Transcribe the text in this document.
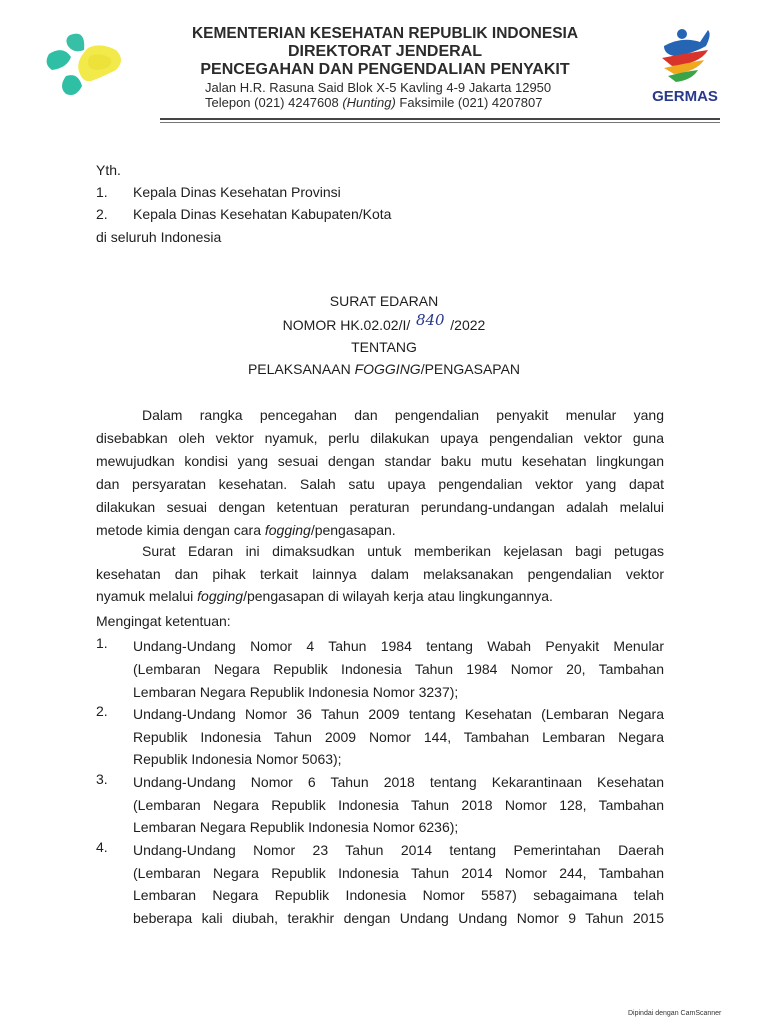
KEMENTERIAN KESEHATAN REPUBLIK INDONESIA
DIREKTORAT JENDERAL
PENCEGAHAN DAN PENGENDALIAN PENYAKIT
Jalan H.R. Rasuna Said Blok X-5 Kavling 4-9 Jakarta 12950
Telepon (021) 4247608 (Hunting) Faksimile (021) 4207807	GERMAS
Yth.
1. Kepala Dinas Kesehatan Provinsi
2. Kepala Dinas Kesehatan Kabupaten/Kota
di seluruh Indonesia
SURAT EDARAN
NOMOR HK.02.02/I/ 840 /2022
TENTANG
PELAKSANAAN FOGGING/PENGASAPAN
Dalam rangka pencegahan dan pengendalian penyakit menular yang
disebabkan oleh vektor nyamuk, perlu dilakukan upaya pengendalian vektor guna
mewujudkan kondisi yang sesuai dengan standar baku mutu kesehatan lingkungan
dan persyaratan kesehatan. Salah satu upaya pengendalian vektor yang dapat
dilakukan sesuai dengan ketentuan peraturan perundang-undangan adalah melalui
metode kimia dengan cara fogging/pengasapan.
Surat Edaran ini dimaksudkan untuk memberikan kejelasan bagi petugas
kesehatan dan pihak terkait lainnya dalam melaksanakan pengendalian vektor
nyamuk melalui fogging/pengasapan di wilayah kerja atau lingkungannya.
Mengingat ketentuan:
1. Undang-Undang Nomor 4 Tahun 1984 tentang Wabah Penyakit Menular
(Lembaran Negara Republik Indonesia Tahun 1984 Nomor 20, Tambahan
Lembaran Negara Republik Indonesia Nomor 3237);
2. Undang-Undang Nomor 36 Tahun 2009 tentang Kesehatan (Lembaran Negara
Republik Indonesia Tahun 2009 Nomor 144, Tambahan Lembaran Negara
Republik Indonesia Nomor 5063);
3. Undang-Undang Nomor 6 Tahun 2018 tentang Kekarantinaan Kesehatan
(Lembaran Negara Republik Indonesia Tahun 2018 Nomor 128, Tambahan
Lembaran Negara Republik Indonesia Nomor 6236);
4. Undang-Undang Nomor 23 Tahun 2014 tentang Pemerintahan Daerah
(Lembaran Negara Republik Indonesia Tahun 2014 Nomor 244, Tambahan
Lembaran Negara Republik Indonesia Nomor 5587) sebagaimana telah
beberapa kali diubah, terakhir dengan Undang Undang Nomor 9 Tahun 2015
Dipindai dengan CamScanner
